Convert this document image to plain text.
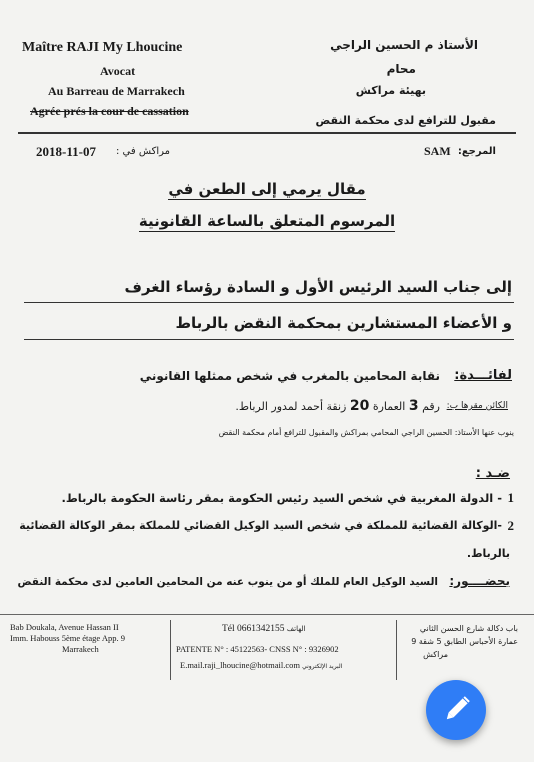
Maître RAJI My Lhoucine
Avocat
Au Barreau de Marrakech
Agrée prés la cour de cassation
الأستاذ م الحسين الراجي
محام
بهيئة مراكش
مقبول للترافع لدى محكمة النقض
2018-11-07 مراكش في :	SAM المرجع:
مقال يرمي إلى الطعن في
المرسوم المتعلق بالساعة القانونية
إلى جناب السيد الرئيس الأول و السادة رؤساء الغرف
و الأعضاء المستشارين بمحكمة النقض بالرباط
لفائـــدة:
نقابة المحامين بالمغرب في شخص ممثلها القانوني
الكائن مقرها ب:
رقم 3 العمارة 20 زنقة أحمد لمدور الرباط.
ينوب عنها الأستاذ: الحسين الراجي المحامي بمراكش والمقبول للترافع أمام محكمة النقض
ضـد :
1
- الدولة المغربية في شخص السيد رئيس الحكومة بمقر رئاسة الحكومة بالرباط.
2
-الوكالة القضائية للمملكة في شخص السيد الوكيل القضائي للمملكة بمقر الوكالة القضائية
بالرباط.
بحضــــور:
السيد الوكيل العام للملك أو من ينوب عنه من المحامين العامين لدى محكمة النقض
Bab Doukala, Avenue Hassan II
Imm. Habouss 5ème étage App. 9
Marrakech
Tél 0661342155 الهاتف
PATENTE N° : 45122563- CNSS N° : 9326902
E.mail.raji_lhoucine@hotmail.com البريد الإلكتروني
باب دكالة شارع الحسن الثاني
عمارة الأحباس الطابق 5 شقة 9
مراكش
